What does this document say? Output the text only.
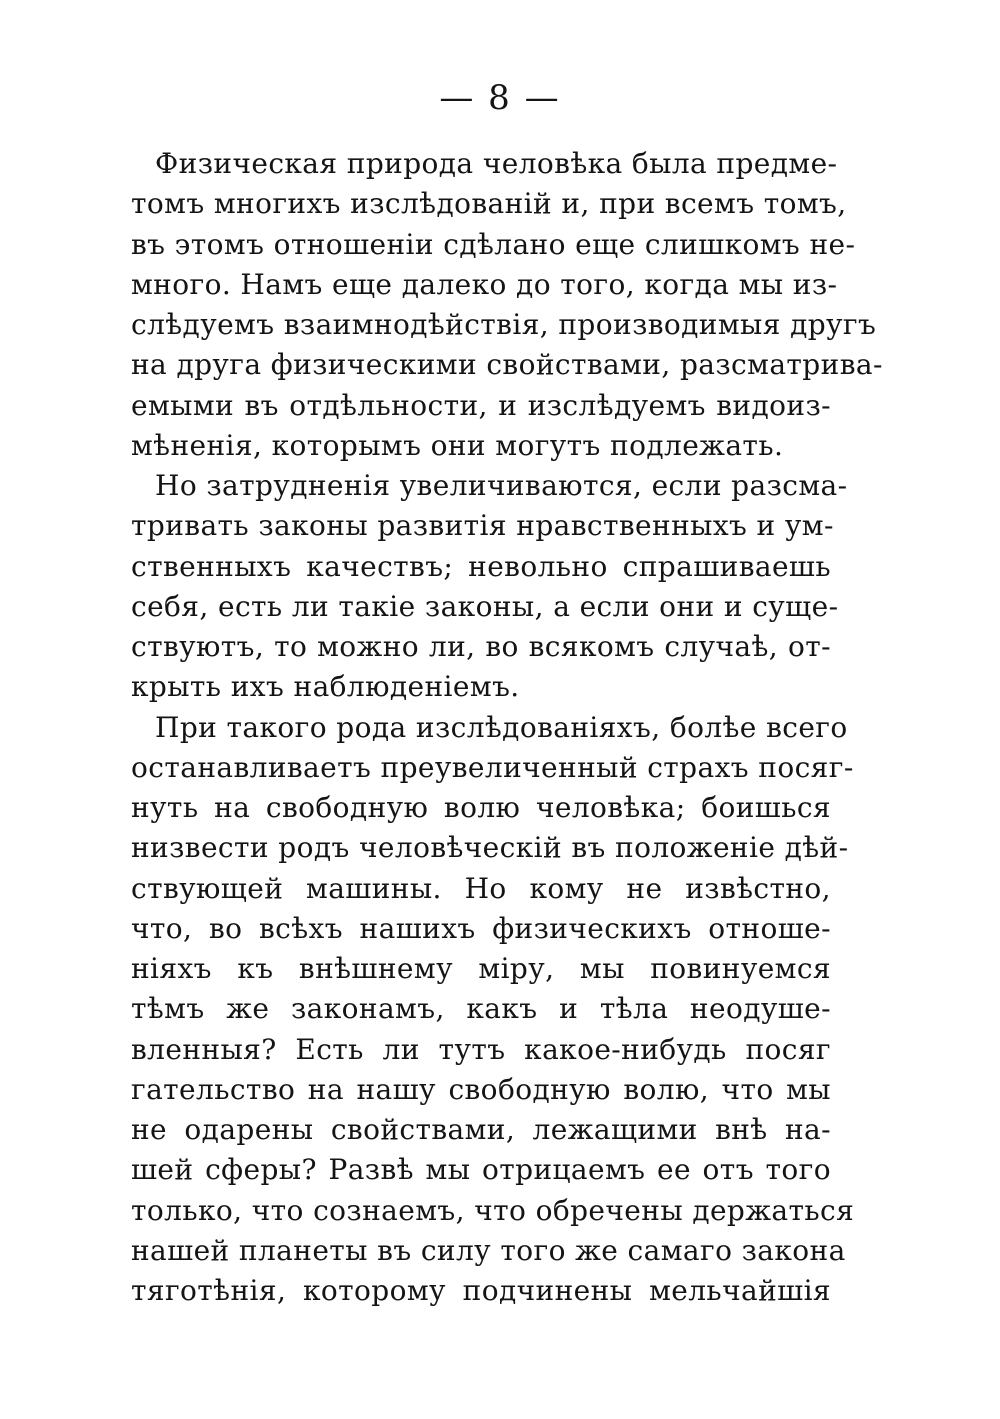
— 8 —
Физическая природа человѣка была предме-
томъ многихъ изслѣдованій и, при всемъ томъ,
въ этомъ отношеніи сдѣлано еще слишкомъ не-
много. Намъ еще далеко до того, когда мы из-
слѣдуемъ взаимнодѣйствія, производимыя другъ
на друга физическими свойствами, разсматрива-
емыми въ отдѣльности, и изслѣдуемъ видоиз-
мѣненія, которымъ они могутъ подлежать.
Но затрудненія увеличиваются, если разсма-
тривать законы развитія нравственныхъ и ум-
ственныхъ качествъ; невольно спрашиваешь
себя, есть ли такіе законы, а если они и суще-
ствуютъ, то можно ли, во всякомъ случаѣ, от-
крыть ихъ наблюденіемъ.
При такого рода изслѣдованіяхъ, болѣе всего
останавливаетъ преувеличенный страхъ посяг-
нуть на свободную волю человѣка; боишься
низвести родъ человѣческій въ положеніе дѣй-
ствующей машины. Но кому не извѣстно,
что, во всѣхъ нашихъ физическихъ отноше-
ніяхъ къ внѣшнему міру, мы повинуемся
тѣмъ же законамъ, какъ и тѣла неодуше-
вленныя? Есть ли тутъ какое-нибудь посяг
гательство на нашу свободную волю, что мы
не одарены свойствами, лежащими внѣ на-
шей сферы? Развѣ мы отрицаемъ ее отъ того
только, что сознаемъ, что обречены держаться
нашей планеты въ силу того же самаго закона
тяготѣнія, которому подчинены мельчайшія
